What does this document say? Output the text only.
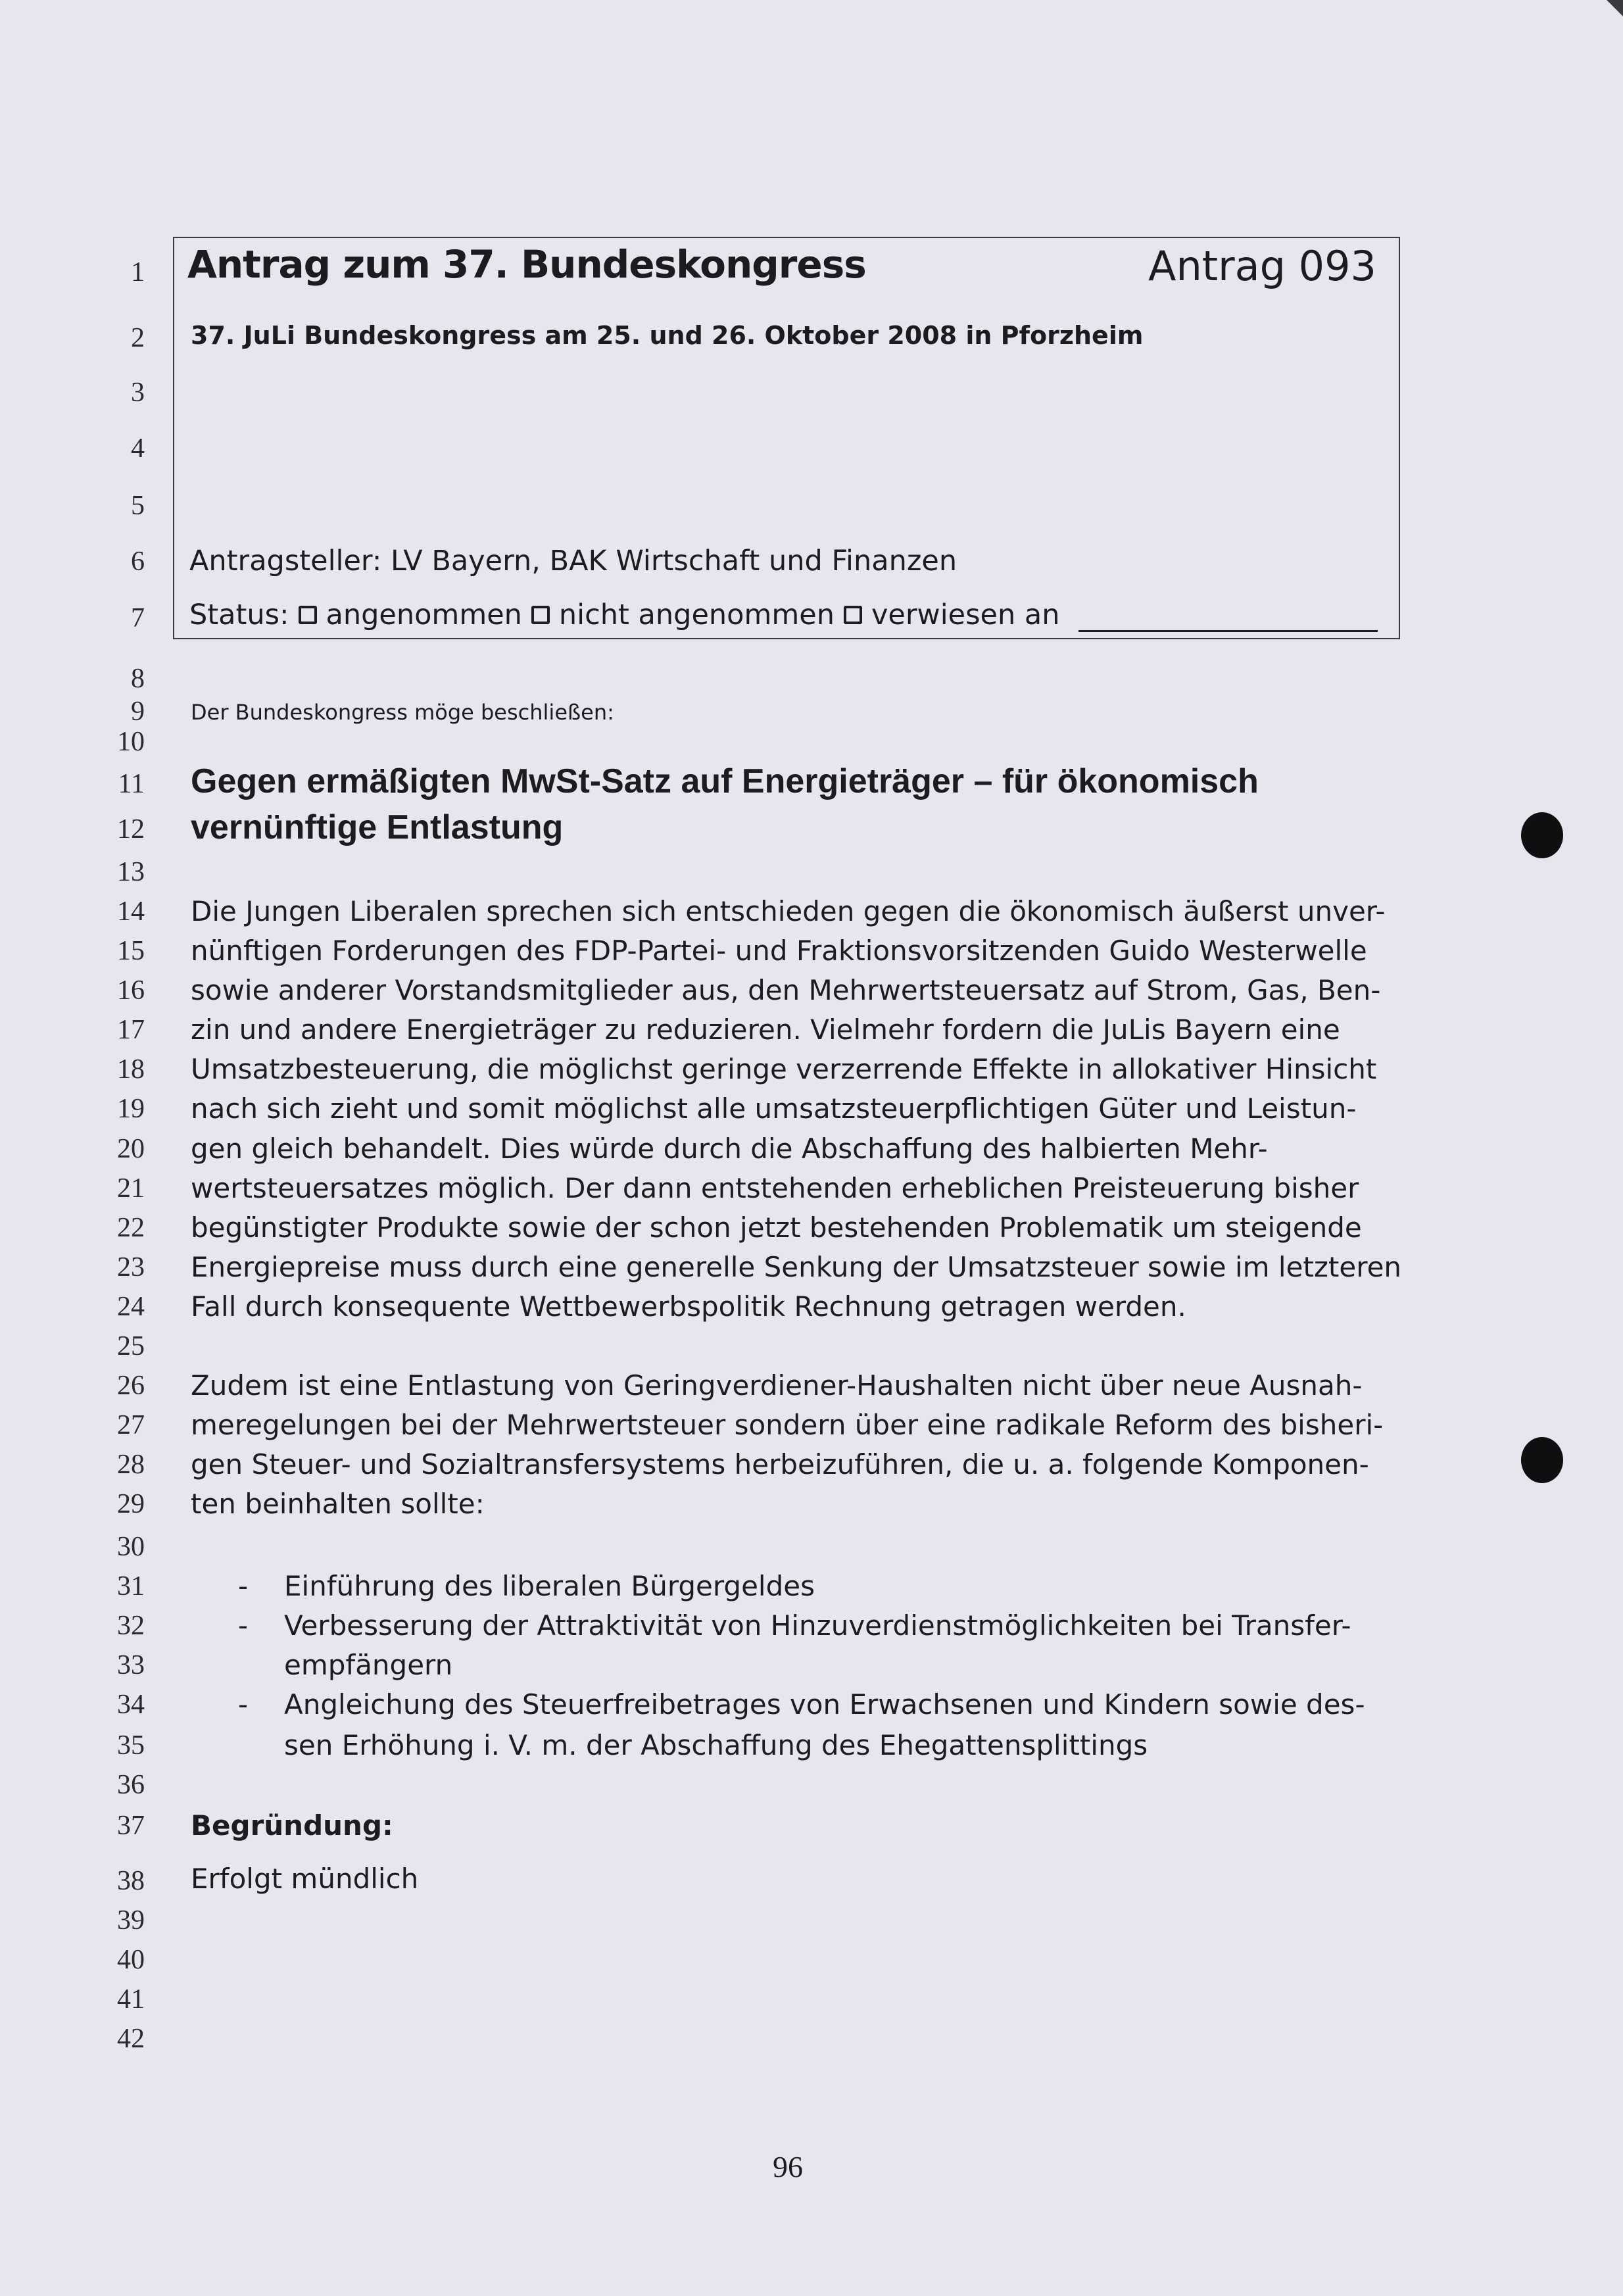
1
2
3
4
5
6
7
8
9
10
11
12
13
14
15
16
17
18
19
20
21
22
23
24
25
26
27
28
29
30
31
32
33
34
35
36
37
38
39
40
41
42
Antrag zum 37. Bundeskongress	Antrag 093
37. JuLi Bundeskongress am 25. und 26. Oktober 2008 in Pforzheim
Antragsteller: LV Bayern, BAK Wirtschaft und Finanzen
Status: angenommen nicht angenommen verwiesen an
Der Bundeskongress möge beschließen:
Gegen ermäßigten MwSt-Satz auf Energieträger – für ökonomisch
vernünftige Entlastung
Die Jungen Liberalen sprechen sich entschieden gegen die ökonomisch äußerst unver-
nünftigen Forderungen des FDP-Partei- und Fraktionsvorsitzenden Guido Westerwelle
sowie anderer Vorstandsmitglieder aus, den Mehrwertsteuersatz auf Strom, Gas, Ben-
zin und andere Energieträger zu reduzieren. Vielmehr fordern die JuLis Bayern eine
Umsatzbesteuerung, die möglichst geringe verzerrende Effekte in allokativer Hinsicht
nach sich zieht und somit möglichst alle umsatzsteuerpflichtigen Güter und Leistun-
gen gleich behandelt. Dies würde durch die Abschaffung des halbierten Mehr-
wertsteuersatzes möglich. Der dann entstehenden erheblichen Preisteuerung bisher
begünstigter Produkte sowie der schon jetzt bestehenden Problematik um steigende
Energiepreise muss durch eine generelle Senkung der Umsatzsteuer sowie im letzteren
Fall durch konsequente Wettbewerbspolitik Rechnung getragen werden.
Zudem ist eine Entlastung von Geringverdiener-Haushalten nicht über neue Ausnah-
meregelungen bei der Mehrwertsteuer sondern über eine radikale Reform des bisheri-
gen Steuer- und Sozialtransfersystems herbeizuführen, die u. a. folgende Komponen-
ten beinhalten sollte:
- Einführung des liberalen Bürgergeldes
- Verbesserung der Attraktivität von Hinzuverdienstmöglichkeiten bei Transfer-
empfängern
- Angleichung des Steuerfreibetrages von Erwachsenen und Kindern sowie des-
sen Erhöhung i. V. m. der Abschaffung des Ehegattensplittings
Begründung:
Erfolgt mündlich
96
